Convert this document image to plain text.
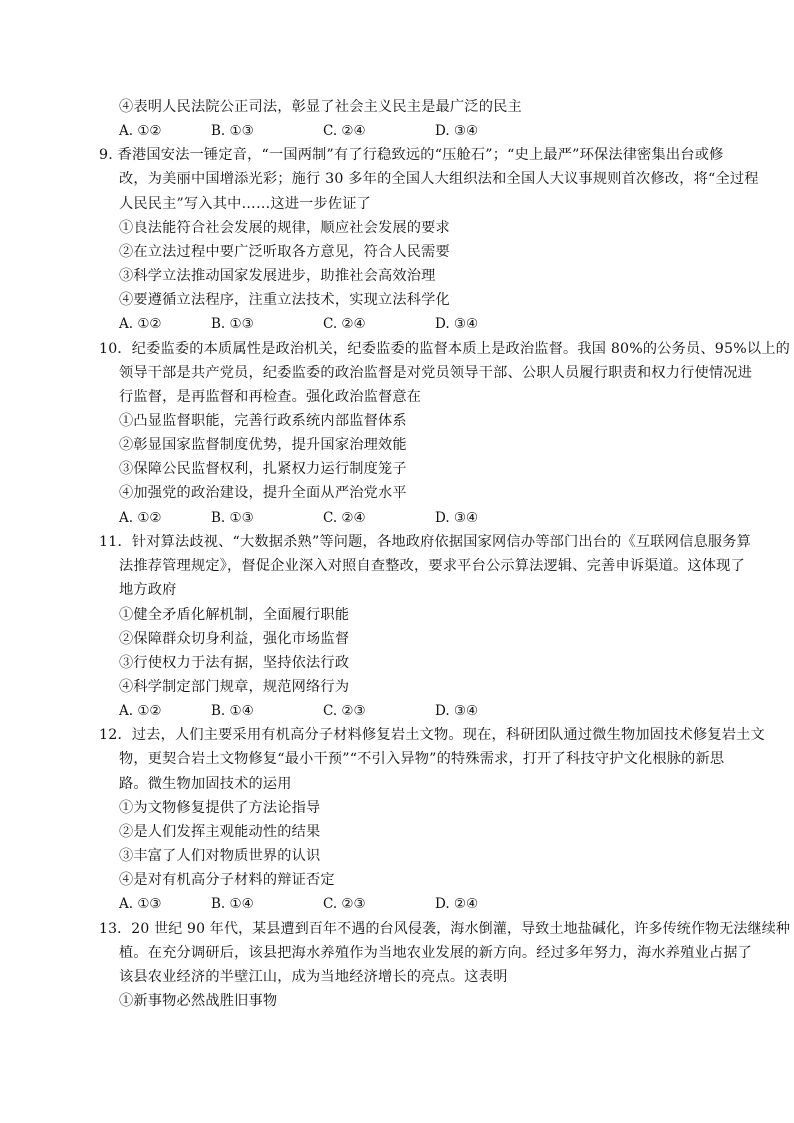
④表明人民法院公正司法，彰显了社会主义民主是最广泛的民主
A. ①②	B. ①③	C. ②④	D. ③④
9. 香港国安法一锤定音，“一国两制”有了行稳致远的“压舱石”；“史上最严”环保法律密集出台或修
改，为美丽中国增添光彩；施行 30 多年的全国人大组织法和全国人大议事规则首次修改，将“全过程
人民民主”写入其中……这进一步佐证了
①良法能符合社会发展的规律，顺应社会发展的要求
②在立法过程中要广泛听取各方意见，符合人民需要
③科学立法推动国家发展进步，助推社会高效治理
④要遵循立法程序，注重立法技术，实现立法科学化
A. ①②	B. ①③	C. ②④	D. ③④
10．纪委监委的本质属性是政治机关，纪委监委的监督本质上是政治监督。我国 80%的公务员、95%以上的
领导干部是共产党员，纪委监委的政治监督是对党员领导干部、公职人员履行职责和权力行使情况进
行监督，是再监督和再检查。强化政治监督意在
①凸显监督职能，完善行政系统内部监督体系
②彰显国家监督制度优势，提升国家治理效能
③保障公民监督权利，扎紧权力运行制度笼子
④加强党的政治建设，提升全面从严治党水平
A. ①②	B. ①③	C. ②④	D. ③④
11．针对算法歧视、“大数据杀熟”等问题，各地政府依据国家网信办等部门出台的《互联网信息服务算
法推荐管理规定》，督促企业深入对照自查整改，要求平台公示算法逻辑、完善申诉渠道。这体现了
地方政府
①健全矛盾化解机制，全面履行职能
②保障群众切身利益，强化市场监督
③行使权力于法有据，坚持依法行政
④科学制定部门规章，规范网络行为
A. ①②	B. ①④	C. ②③	D. ③④
12．过去，人们主要采用有机高分子材料修复岩土文物。现在，科研团队通过微生物加固技术修复岩土文
物，更契合岩土文物修复“最小干预”“不引入异物”的特殊需求，打开了科技守护文化根脉的新思
路。微生物加固技术的运用
①为文物修复提供了方法论指导
②是人们发挥主观能动性的结果
③丰富了人们对物质世界的认识
④是对有机高分子材料的辩证否定
A. ①③	B. ①④	C. ②③	D. ②④
13．20 世纪 90 年代，某县遭到百年不遇的台风侵袭，海水倒灌，导致土地盐碱化，许多传统作物无法继续种
植。在充分调研后，该县把海水养殖作为当地农业发展的新方向。经过多年努力，海水养殖业占据了
该县农业经济的半壁江山，成为当地经济增长的亮点。这表明
①新事物必然战胜旧事物
